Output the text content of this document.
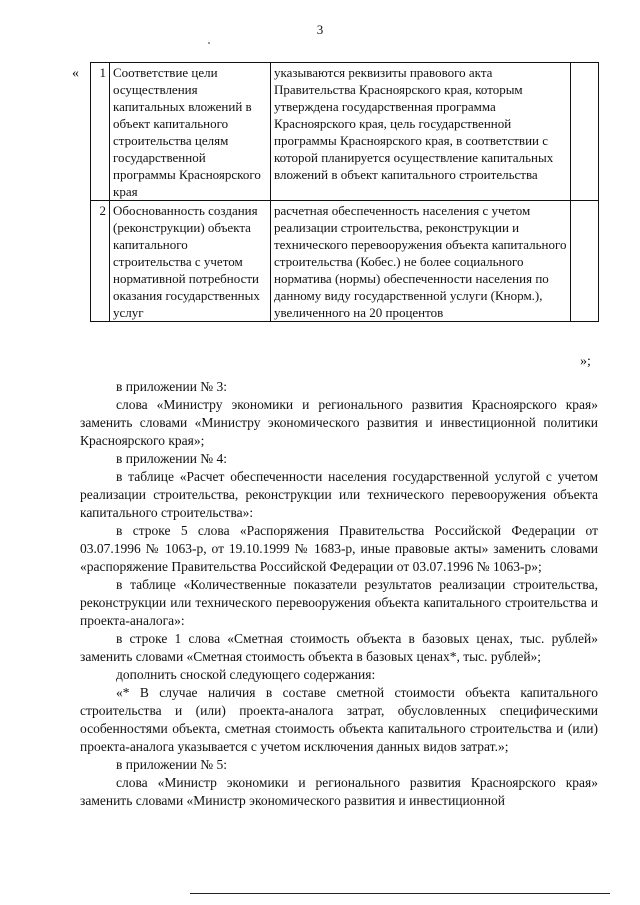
3
« 1	Соответствие цели осуществления капитальных вложений в объект капитального строительства целям государственной программы Красноярского края	указываются реквизиты правового акта Правительства Красноярского края, которым утверждена государственная программа Красноярского края, цель государственной программы Красноярского края, в соответствии с которой планируется осуществление капитальных вложений в объект капитального строительства	
2	Обоснованность создания (реконструкции) объекта капитального строительства с учетом нормативной потребности оказания государственных услуг	расчетная обеспеченность населения с учетом реализации строительства, реконструкции и технического перевооружения объекта капитального строительства (Кобес.) не более социального норматива (нормы) обеспеченности населения по данному виду государственной услуги (Кнорм.), увеличенного на 20 процентов	
»;

в приложении № 3:

слова «Министру экономики и регионального развития Красноярского края» заменить словами «Министру экономического развития и инвестиционной политики Красноярского края»;

в приложении № 4:

в таблице «Расчет обеспеченности населения государственной услугой с учетом реализации строительства, реконструкции или технического перевооружения объекта капитального строительства»:

в строке 5 слова «Распоряжения Правительства Российской Федерации от 03.07.1996 № 1063-р, от 19.10.1999 № 1683-р, иные правовые акты» заменить словами «распоряжение Правительства Российской Федерации от 03.07.1996 № 1063-р»;

в таблице «Количественные показатели результатов реализации строительства, реконструкции или технического перевооружения объекта капитального строительства и проекта-аналога»:

в строке 1 слова «Сметная стоимость объекта в базовых ценах, тыс. рублей» заменить словами «Сметная стоимость объекта в базовых ценах*, тыс. рублей»;

дополнить сноской следующего содержания:

«* В случае наличия в составе сметной стоимости объекта капитального строительства и (или) проекта-аналога затрат, обусловленных специфическими особенностями объекта, сметная стоимость объекта капитального строительства и (или) проекта-аналога указывается с учетом исключения данных видов затрат.»;

в приложении № 5:

слова «Министр экономики и регионального развития Красноярского края» заменить словами «Министр экономического развития и инвестиционной
